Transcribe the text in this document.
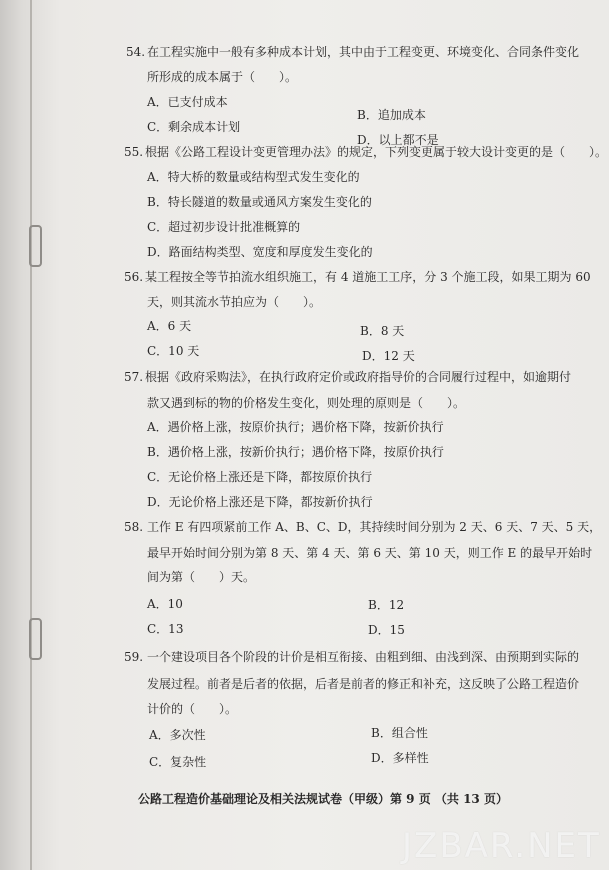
54. 在工程实施中一般有多种成本计划，其中由于工程变更、环境变化、合同条件变化
所形成的成本属于（　　）。
A．已支付成本
B．追加成本
C．剩余成本计划
D．以上都不是
55. 根据《公路工程设计变更管理办法》的规定，下列变更属于较大设计变更的是（　　）。
A．特大桥的数量或结构型式发生变化的
B．特长隧道的数量或通风方案发生变化的
C．超过初步设计批准概算的
D．路面结构类型、宽度和厚度发生变化的
56. 某工程按全等节拍流水组织施工，有 4 道施工工序，分 3 个施工段，如果工期为 60
天，则其流水节拍应为（　　）。
A．6 天	B．8 天
C．10 天	D．12 天
57. 根据《政府采购法》，在执行政府定价或政府指导价的合同履行过程中，如逾期付
款又遇到标的物的价格发生变化，则处理的原则是（　　）。
A．遇价格上涨，按原价执行；遇价格下降，按新价执行
B．遇价格上涨，按新价执行；遇价格下降，按原价执行
C．无论价格上涨还是下降，都按原价执行
D．无论价格上涨还是下降，都按新价执行
58. 工作 E 有四项紧前工作 A、B、C、D，其持续时间分别为 2 天、6 天、7 天、5 天，
最早开始时间分别为第 8 天、第 4 天、第 6 天、第 10 天，则工作 E 的最早开始时
间为第（　　）天。
A．10	B．12
C．13	D．15
59. 一个建设项目各个阶段的计价是相互衔接、由粗到细、由浅到深、由预期到实际的
发展过程。前者是后者的依据，后者是前者的修正和补充，这反映了公路工程造价
计价的（　　）。
A．多次性	B．组合性
C．复杂性	D．多样性
公路工程造价基础理论及相关法规试卷（甲级）第 9 页 （共 13 页）
JZBAR.NET
